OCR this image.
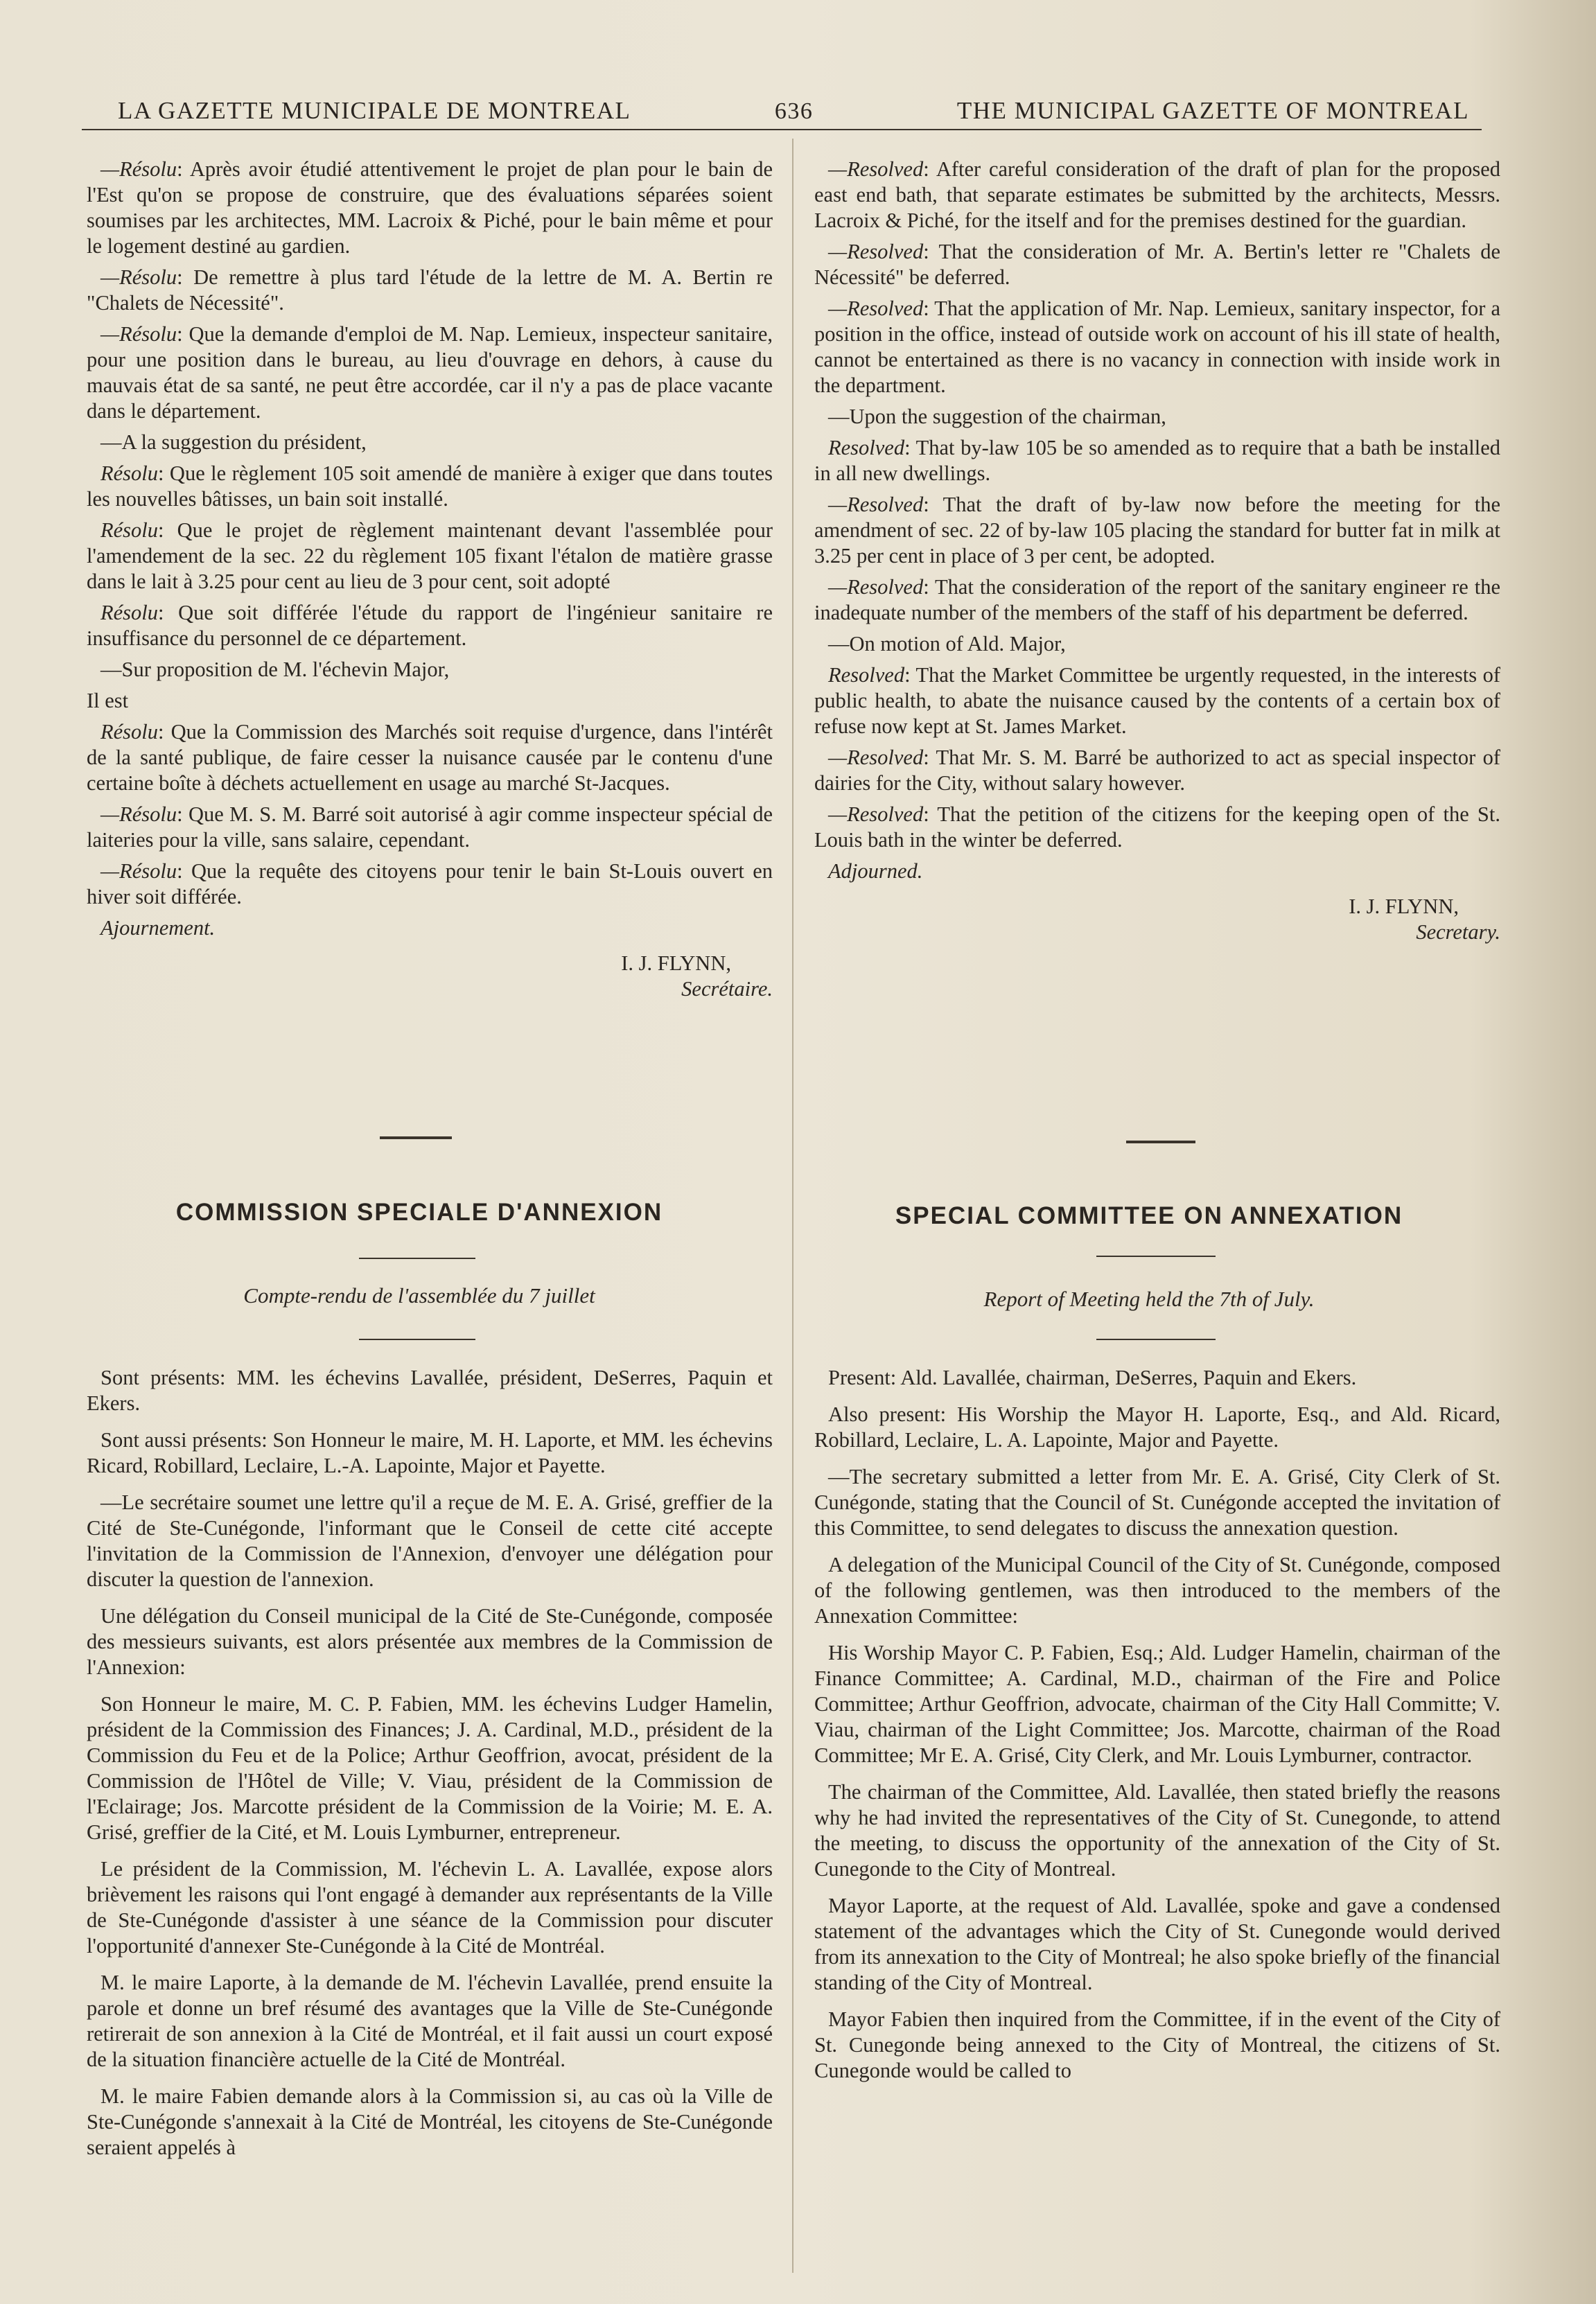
LA GAZETTE MUNICIPALE DE MONTREAL	636	THE MUNICIPAL GAZETTE OF MONTREAL

—Résolu: Après avoir étudié attentivement le projet de plan pour le bain de l'Est qu'on se propose de construire, que des évaluations séparées soient soumises par les architectes, MM. Lacroix & Piché, pour le bain même et pour le logement destiné au gardien.

—Résolu: De remettre à plus tard l'étude de la lettre de M. A. Bertin re "Chalets de Nécessité".

—Résolu: Que la demande d'emploi de M. Nap. Lemieux, inspecteur sanitaire, pour une position dans le bureau, au lieu d'ouvrage en dehors, à cause du mauvais état de sa santé, ne peut être accordée, car il n'y a pas de place vacante dans le département.

—A la suggestion du président,

Résolu: Que le règlement 105 soit amendé de manière à exiger que dans toutes les nouvelles bâtisses, un bain soit installé.

Résolu: Que le projet de règlement maintenant devant l'assemblée pour l'amendement de la sec. 22 du règlement 105 fixant l'étalon de matière grasse dans le lait à 3.25 pour cent au lieu de 3 pour cent, soit adopté

Résolu: Que soit différée l'étude du rapport de l'ingénieur sanitaire re insuffisance du personnel de ce département.

—Sur proposition de M. l'échevin Major,

Il est

Résolu: Que la Commission des Marchés soit requise d'urgence, dans l'intérêt de la santé publique, de faire cesser la nuisance causée par le contenu d'une certaine boîte à déchets actuellement en usage au marché St-Jacques.

—Résolu: Que M. S. M. Barré soit autorisé à agir comme inspecteur spécial de laiteries pour la ville, sans salaire, cependant.

—Résolu: Que la requête des citoyens pour tenir le bain St-Louis ouvert en hiver soit différée.

Ajournement.

I. J. FLYNN,
Secrétaire.

—Resolved: After careful consideration of the draft of plan for the proposed east end bath, that separate estimates be submitted by the architects, Messrs. Lacroix & Piché, for the itself and for the premises destined for the guardian.

—Resolved: That the consideration of Mr. A. Bertin's letter re "Chalets de Nécessité" be deferred.

—Resolved: That the application of Mr. Nap. Lemieux, sanitary inspector, for a position in the office, instead of outside work on account of his ill state of health, cannot be entertained as there is no vacancy in connection with inside work in the department.

—Upon the suggestion of the chairman,

Resolved: That by-law 105 be so amended as to require that a bath be installed in all new dwellings.

—Resolved: That the draft of by-law now before the meeting for the amendment of sec. 22 of by-law 105 placing the standard for butter fat in milk at 3.25 per cent in place of 3 per cent, be adopted.

—Resolved: That the consideration of the report of the sanitary engineer re the inadequate number of the members of the staff of his department be deferred.

—On motion of Ald. Major,

Resolved: That the Market Committee be urgently requested, in the interests of public health, to abate the nuisance caused by the contents of a certain box of refuse now kept at St. James Market.

—Resolved: That Mr. S. M. Barré be authorized to act as special inspector of dairies for the City, without salary however.

—Resolved: That the petition of the citizens for the keeping open of the St. Louis bath in the winter be deferred.

Adjourned.

I. J. FLYNN,
Secretary.
COMMISSION SPECIALE D'ANNEXION	SPECIAL COMMITTEE ON ANNEXATION
Compte-rendu de l'assemblée du 7 juillet	Report of Meeting held the 7th of July.

Sont présents: MM. les échevins Lavallée, président, DeSerres, Paquin et Ekers.

Sont aussi présents: Son Honneur le maire, M. H. Laporte, et MM. les échevins Ricard, Robillard, Leclaire, L.-A. Lapointe, Major et Payette.

—Le secrétaire soumet une lettre qu'il a reçue de M. E. A. Grisé, greffier de la Cité de Ste-Cunégonde, l'informant que le Conseil de cette cité accepte l'invitation de la Commission de l'Annexion, d'envoyer une délégation pour discuter la question de l'annexion.

Une délégation du Conseil municipal de la Cité de Ste-Cunégonde, composée des messieurs suivants, est alors présentée aux membres de la Commission de l'Annexion:

Son Honneur le maire, M. C. P. Fabien, MM. les échevins Ludger Hamelin, président de la Commission des Finances; J. A. Cardinal, M.D., président de la Commission du Feu et de la Police; Arthur Geoffrion, avocat, président de la Commission de l'Hôtel de Ville; V. Viau, président de la Commission de l'Eclairage; Jos. Marcotte président de la Commission de la Voirie; M. E. A. Grisé, greffier de la Cité, et M. Louis Lymburner, entrepreneur.

Le président de la Commission, M. l'échevin L. A. Lavallée, expose alors brièvement les raisons qui l'ont engagé à demander aux représentants de la Ville de Ste-Cunégonde d'assister à une séance de la Commission pour discuter l'opportunité d'annexer Ste-Cunégonde à la Cité de Montréal.

M. le maire Laporte, à la demande de M. l'échevin Lavallée, prend ensuite la parole et donne un bref résumé des avantages que la Ville de Ste-Cunégonde retirerait de son annexion à la Cité de Montréal, et il fait aussi un court exposé de la situation financière actuelle de la Cité de Montréal.

M. le maire Fabien demande alors à la Commission si, au cas où la Ville de Ste-Cunégonde s'annexait à la Cité de Montréal, les citoyens de Ste-Cunégonde seraient appelés à

Present: Ald. Lavallée, chairman, DeSerres, Paquin and Ekers.

Also present: His Worship the Mayor H. Laporte, Esq., and Ald. Ricard, Robillard, Leclaire, L. A. Lapointe, Major and Payette.

—The secretary submitted a letter from Mr. E. A. Grisé, City Clerk of St. Cunégonde, stating that the Council of St. Cunégonde accepted the invitation of this Committee, to send delegates to discuss the annexation question.

A delegation of the Municipal Council of the City of St. Cunégonde, composed of the following gentlemen, was then introduced to the members of the Annexation Committee:

His Worship Mayor C. P. Fabien, Esq.; Ald. Ludger Hamelin, chairman of the Finance Committee; A. Cardinal, M.D., chairman of the Fire and Police Committee; Arthur Geoffrion, advocate, chairman of the City Hall Committe; V. Viau, chairman of the Light Committee; Jos. Marcotte, chairman of the Road Committee; Mr E. A. Grisé, City Clerk, and Mr. Louis Lymburner, contractor.

The chairman of the Committee, Ald. Lavallée, then stated briefly the reasons why he had invited the representatives of the City of St. Cunegonde, to attend the meeting, to discuss the opportunity of the annexation of the City of St. Cunegonde to the City of Montreal.

Mayor Laporte, at the request of Ald. Lavallée, spoke and gave a condensed statement of the advantages which the City of St. Cunegonde would derived from its annexation to the City of Montreal; he also spoke briefly of the financial standing of the City of Montreal.

Mayor Fabien then inquired from the Committee, if in the event of the City of St. Cunegonde being annexed to the City of Montreal, the citizens of St. Cunegonde would be called to
